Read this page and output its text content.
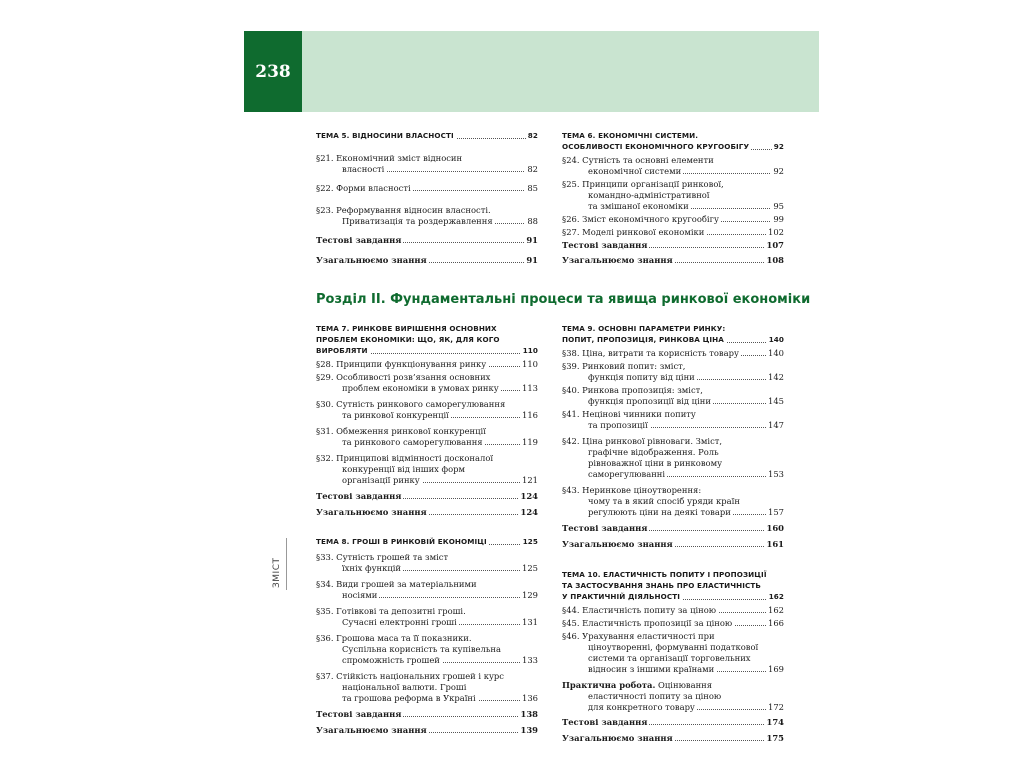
238
ЗМІСТ
ТЕМА 5. ВІДНОСИНИ ВЛАСНОСТІ	82
§21. Економічний зміст відносин
власності	82
§22. Форми власності	85
§23. Реформування відносин власності.
Приватизація та роздержавлення	88
Тестові завдання	91
Узагальнюємо знання	91
ТЕМА 6. ЕКОНОМІЧНІ СИСТЕМИ.
ОСОБЛИВОСТІ ЕКОНОМІЧНОГО КРУГООБІГУ	92
§24. Сутність та основні елементи
економічної системи	92
§25. Принципи організації ринкової,
командно-адміністративної
та змішаної економіки	95
§26. Зміст економічного кругообігу	99
§27. Моделі ринкової економіки	102
Тестові завдання	107
Узагальнюємо знання	108
Розділ ІІ. Фундаментальні процеси та явища ринкової економіки
ТЕМА 7. РИНКОВЕ ВИРІШЕННЯ ОСНОВНИХ
ПРОБЛЕМ ЕКОНОМІКИ: ЩО, ЯК, ДЛЯ КОГО
ВИРОБЛЯТИ	110
§28. Принципи функціонування ринку	110
§29. Особливості розв’язання основних
проблем економіки в умовах ринку	113
§30. Сутність ринкового саморегулювання
та ринкової конкуренції	116
§31. Обмеження ринкової конкуренції
та ринкового саморегулювання	119
§32. Принципові відмінності досконалої
конкуренції від інших форм
організації ринку	121
Тестові завдання	124
Узагальнюємо знання	124
ТЕМА 8. ГРОШІ В РИНКОВІЙ ЕКОНОМІЦІ	125
§33. Сутність грошей та зміст
їхніх функцій	125
§34. Види грошей за матеріальними
носіями	129
§35. Готівкові та депозитні гроші.
Сучасні електронні гроші	131
§36. Грошова маса та її показники.
Суспільна корисність та купівельна
спроможність грошей	133
§37. Стійкість національних грошей і курс
національної валюти. Гроші
та грошова реформа в Україні	136
Тестові завдання	138
Узагальнюємо знання	139
ТЕМА 9. ОСНОВНІ ПАРАМЕТРИ РИНКУ:
ПОПИТ, ПРОПОЗИЦІЯ, РИНКОВА ЦІНА	140
§38. Ціна, витрати та корисність товару	140
§39. Ринковий попит: зміст,
функція попиту від ціни	142
§40. Ринкова пропозиція: зміст,
функція пропозиції від ціни	145
§41. Нецінові чинники попиту
та пропозиції	147
§42. Ціна ринкової рівноваги. Зміст,
графічне відображення. Роль
рівноважної ціни в ринковому
саморегулюванні	153
§43. Неринкове ціноутворення:
чому та в який спосіб уряди країн
регулюють ціни на деякі товари	157
Тестові завдання	160
Узагальнюємо знання	161
ТЕМА 10. ЕЛАСТИЧНІСТЬ ПОПИТУ І ПРОПОЗИЦІЇ
ТА ЗАСТОСУВАННЯ ЗНАНЬ ПРО ЕЛАСТИЧНІСТЬ
У ПРАКТИЧНІЙ ДІЯЛЬНОСТІ	162
§44. Еластичність попиту за ціною	162
§45. Еластичність пропозиції за ціною	166
§46. Урахування еластичності при
ціноутворенні, формуванні податкової
системи та організації торговельних
відносин з іншими країнами	169
Практична робота. Оцінювання
еластичності попиту за ціною
для конкретного товару	172
Тестові завдання	174
Узагальнюємо знання	175
